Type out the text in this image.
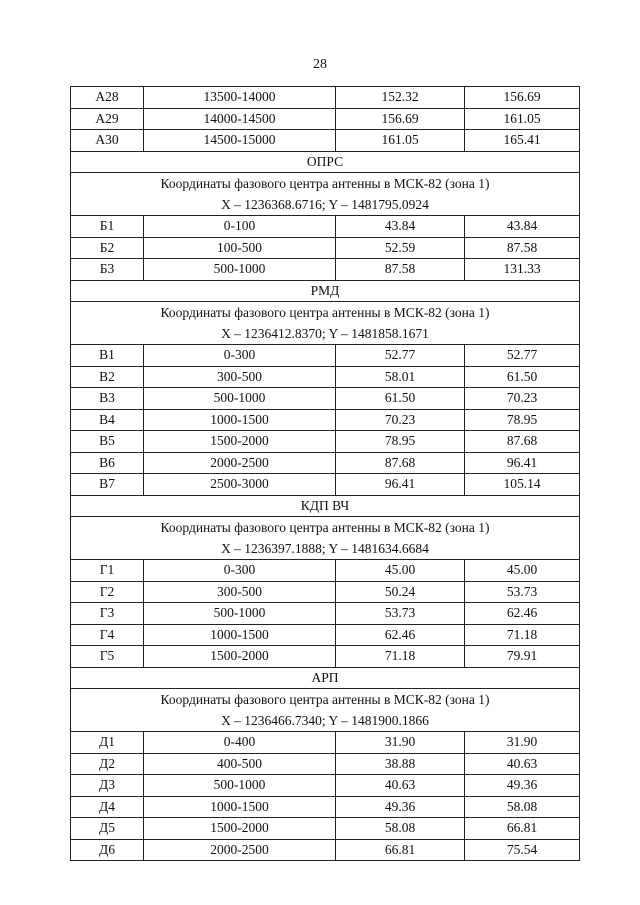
28
А28	13500-14000	152.32	156.69
А29	14000-14500	156.69	161.05
А30	14500-15000	161.05	165.41
ОПРС			

Координаты фазового центра антенны в МСК-82 (зона 1)
X – 1236368.6716; Y – 1481795.0924			

Б1	0-100	43.84	43.84
Б2	100-500	52.59	87.58
Б3	500-1000	87.58	131.33
РМД			

Координаты фазового центра антенны в МСК-82 (зона 1)
X – 1236412.8370; Y – 1481858.1671			

В1	0-300	52.77	52.77
В2	300-500	58.01	61.50
В3	500-1000	61.50	70.23
В4	1000-1500	70.23	78.95
В5	1500-2000	78.95	87.68
В6	2000-2500	87.68	96.41
В7	2500-3000	96.41	105.14
КДП ВЧ			

Координаты фазового центра антенны в МСК-82 (зона 1)
X – 1236397.1888; Y – 1481634.6684			

Г1	0-300	45.00	45.00
Г2	300-500	50.24	53.73
Г3	500-1000	53.73	62.46
Г4	1000-1500	62.46	71.18
Г5	1500-2000	71.18	79.91
АРП			

Координаты фазового центра антенны в МСК-82 (зона 1)
X – 1236466.7340; Y – 1481900.1866			

Д1	0-400	31.90	31.90
Д2	400-500	38.88	40.63
Д3	500-1000	40.63	49.36
Д4	1000-1500	49.36	58.08
Д5	1500-2000	58.08	66.81
Д6	2000-2500	66.81	75.54
